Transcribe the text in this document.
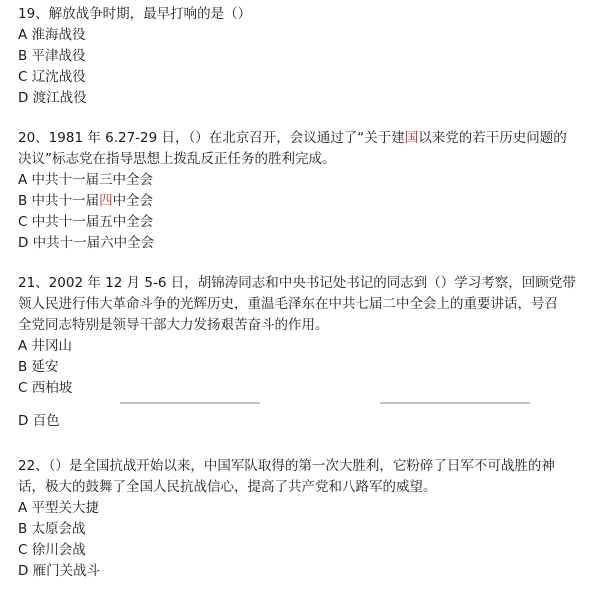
19、解放战争时期，最早打响的是（）
A 淮海战役
B 平津战役
C 辽沈战役
D 渡江战役
20、1981 年 6.27-29 日，（）在北京召开，会议通过了“关于建国以来党的若干历史问题的
决议”标志党在指导思想上拨乱反正任务的胜利完成。
A 中共十一届三中全会
B 中共十一届四中全会
C 中共十一届五中全会
D 中共十一届六中全会
21、2002 年 12 月 5-6 日，胡锦涛同志和中央书记处书记的同志到（）学习考察，回顾党带
领人民进行伟大革命斗争的光辉历史，重温毛泽东在中共七届二中全会上的重要讲话，号召
全党同志特别是领导干部大力发扬艰苦奋斗的作用。
A 井冈山
B 延安
C 西柏坡
D 百色
22、（）是全国抗战开始以来，中国军队取得的第一次大胜利，它粉碎了日军不可战胜的神
话，极大的鼓舞了全国人民抗战信心，提高了共产党和八路军的威望。
A 平型关大捷
B 太原会战
C 徐川会战
D 雁门关战斗
